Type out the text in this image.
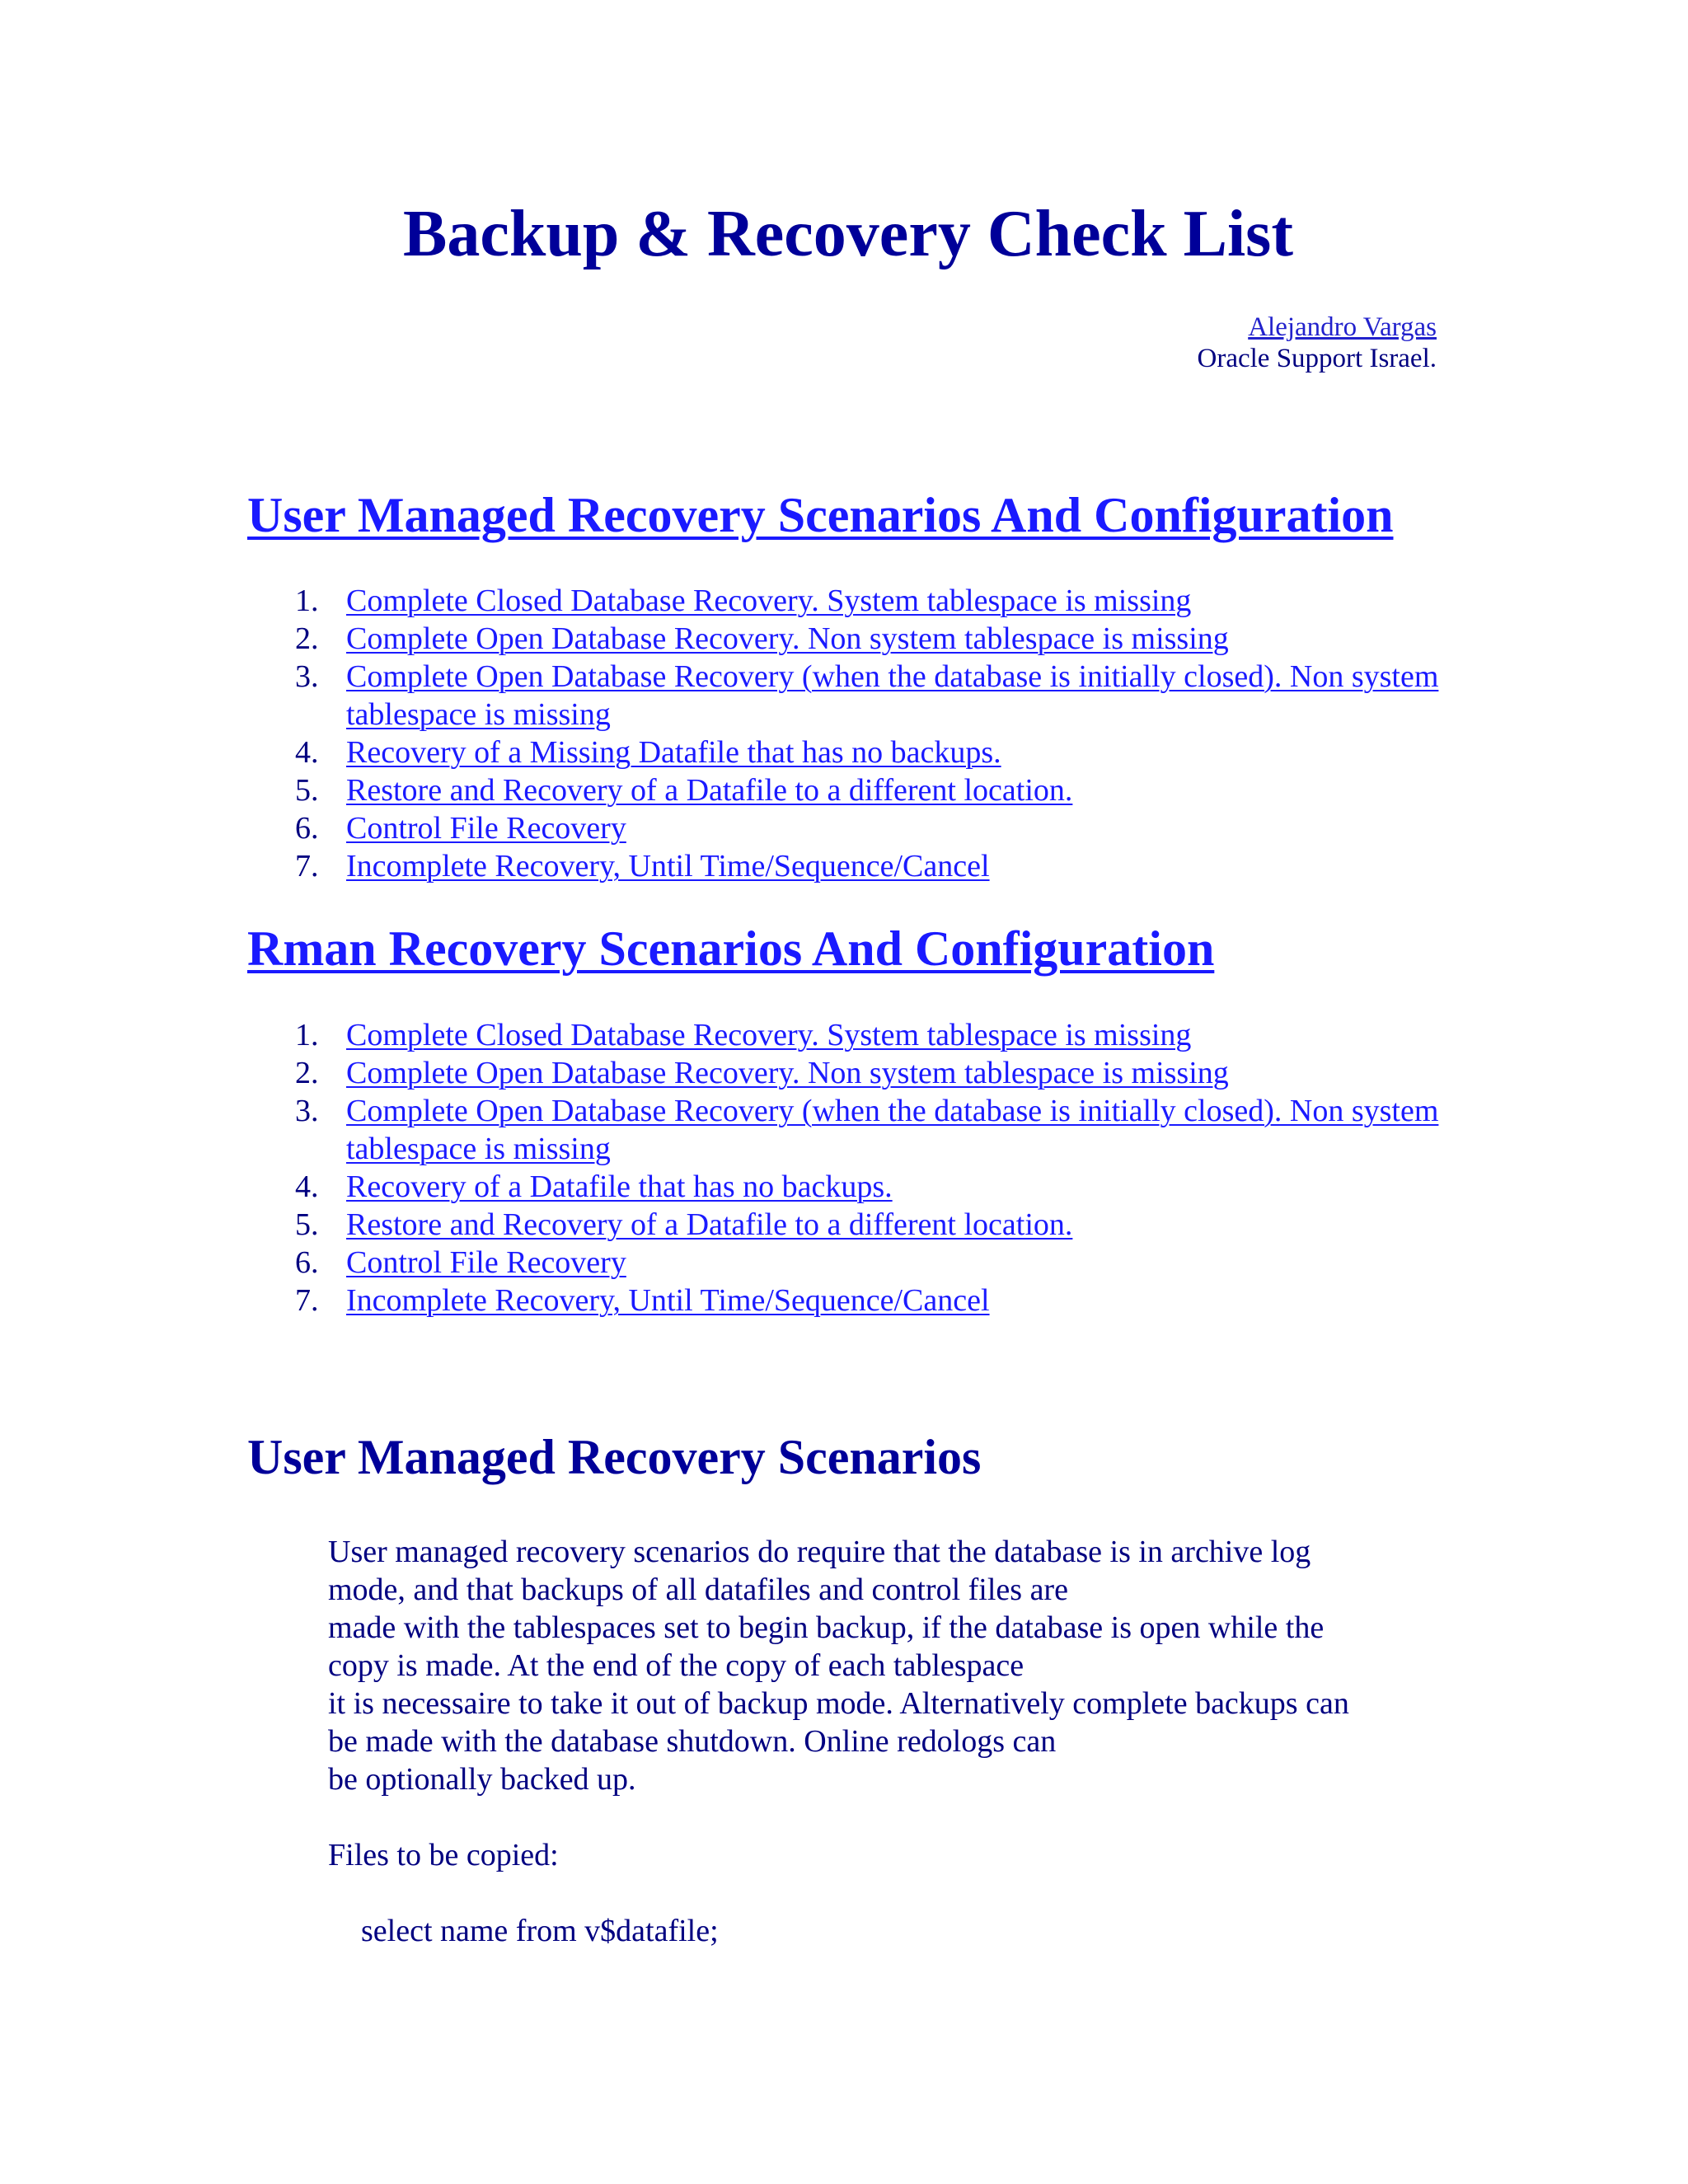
Backup & Recovery Check List
Alejandro Vargas
Oracle Support Israel.
User Managed Recovery Scenarios And Configuration
1. Complete Closed Database Recovery. System tablespace is missing
2. Complete Open Database Recovery. Non system tablespace is missing
3. Complete Open Database Recovery (when the database is initially closed). Non system tablespace is missing
4. Recovery of a Missing Datafile that has no backups.
5. Restore and Recovery of a Datafile to a different location.
6. Control File Recovery
7. Incomplete Recovery, Until Time/Sequence/Cancel
Rman Recovery Scenarios And Configuration
1. Complete Closed Database Recovery. System tablespace is missing
2. Complete Open Database Recovery. Non system tablespace is missing
3. Complete Open Database Recovery (when the database is initially closed). Non system tablespace is missing
4. Recovery of a Datafile that has no backups.
5. Restore and Recovery of a Datafile to a different location.
6. Control File Recovery
7. Incomplete Recovery, Until Time/Sequence/Cancel
User Managed Recovery Scenarios

User managed recovery scenarios do require that the database is in archive log

mode, and that backups of all datafiles and control files are

made with the tablespaces set to begin backup, if the database is open while the

copy is made. At the end of the copy of each tablespace

it is necessaire to take it out of backup mode. Alternatively complete backups can

be made with the database shutdown. Online redologs can

be optionally backed up.

Files to be copied:

select name from v$datafile;
